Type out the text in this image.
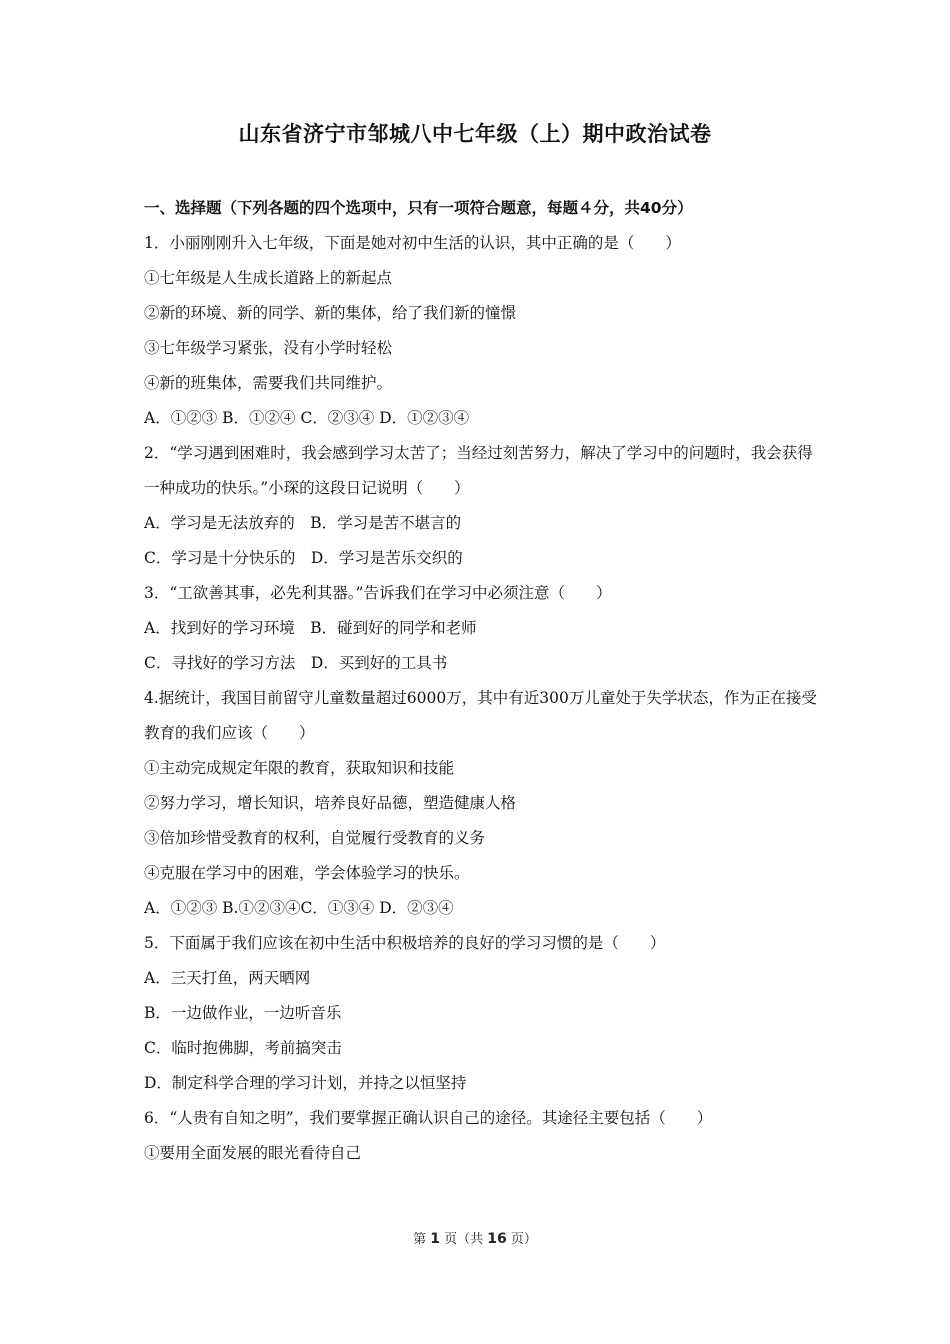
山东省济宁市邹城八中七年级（上）期中政治试卷
一、选择题（下列各题的四个选项中，只有一项符合题意，每题４分，共40分）
1．小丽刚刚升入七年级，下面是她对初中生活的认识，其中正确的是（　　）
①七年级是人生成长道路上的新起点
②新的环境、新的同学、新的集体，给了我们新的憧憬
③七年级学习紧张，没有小学时轻松
④新的班集体，需要我们共同维护。
A．①②③ B．①②④ C．②③④ D．①②③④
2．“学习遇到困难时，我会感到学习太苦了；当经过刻苦努力，解决了学习中的问题时，我会获得一种成功的快乐。”小琛的这段日记说明（　　）
A．学习是无法放弃的　B．学习是苦不堪言的
C．学习是十分快乐的　D．学习是苦乐交织的
3．“工欲善其事，必先利其器。”告诉我们在学习中必须注意（　　）
A．找到好的学习环境　B．碰到好的同学和老师
C．寻找好的学习方法　D．买到好的工具书
4.据统计，我国目前留守儿童数量超过6000万，其中有近300万儿童处于失学状态，作为正在接受教育的我们应该（　　）
①主动完成规定年限的教育，获取知识和技能
②努力学习，增长知识，培养良好品德，塑造健康人格
③倍加珍惜受教育的权利，自觉履行受教育的义务
④克服在学习中的困难，学会体验学习的快乐。
A．①②③ B.①②③④C．①③④ D．②③④
5．下面属于我们应该在初中生活中积极培养的良好的学习习惯的是（　　）
A．三天打鱼，两天晒网
B．一边做作业，一边听音乐
C．临时抱佛脚，考前搞突击
D．制定科学合理的学习计划，并持之以恒坚持
6．“人贵有自知之明”，我们要掌握正确认识自己的途径。其途径主要包括（　　）
①要用全面发展的眼光看待自己
第 1 页（共 16 页）
